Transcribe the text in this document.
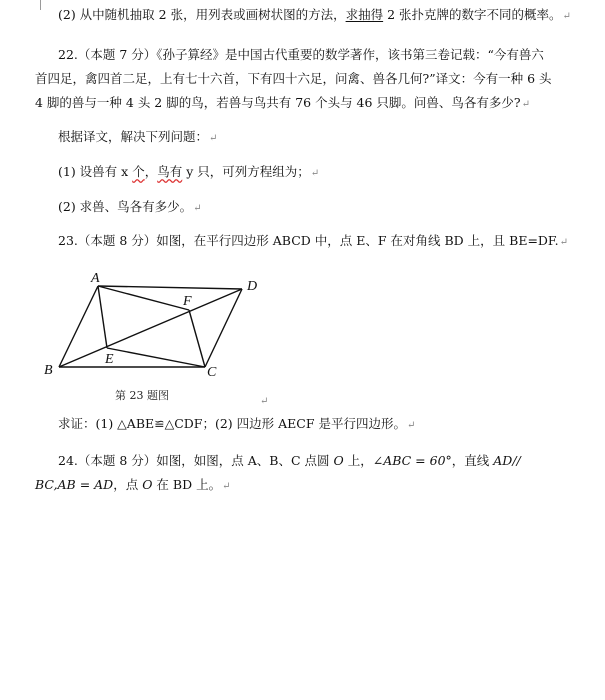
(2) 从中随机抽取 2 张，用列表或画树状图的方法，求抽得 2 张扑克牌的数字不同的概率。↵
22.（本题 7 分）《孙子算经》是中国古代重要的数学著作，该书第三卷记载：“今有兽六
首四足，禽四首二足，上有七十六首，下有四十六足，问禽、兽各几何?”译文：今有一种 6 头
4 脚的兽与一种 4 头 2 脚的鸟，若兽与鸟共有 76 个头与 46 只脚。问兽、鸟各有多少?↵
根据译文，解决下列问题：↵
(1) 设兽有 x 个，鸟有 y 只，可列方程组为；↵
(2) 求兽、鸟各有多少。↵
23.（本题 8 分）如图，在平行四边形 ABCD 中，点 E、F 在对角线 BD 上，且 BE=DF.↵
A
B	C
D
E
F
第 23 题图	↵
求证：(1) △ABE≌△CDF；(2) 四边形 AECF 是平行四边形。↵
24.（本题 8 分）如图，如图，点 A、B、C 点圆 O 上，∠ABC = 60°，直线 AD//
BC,AB = AD，点 O 在 BD 上。↵
